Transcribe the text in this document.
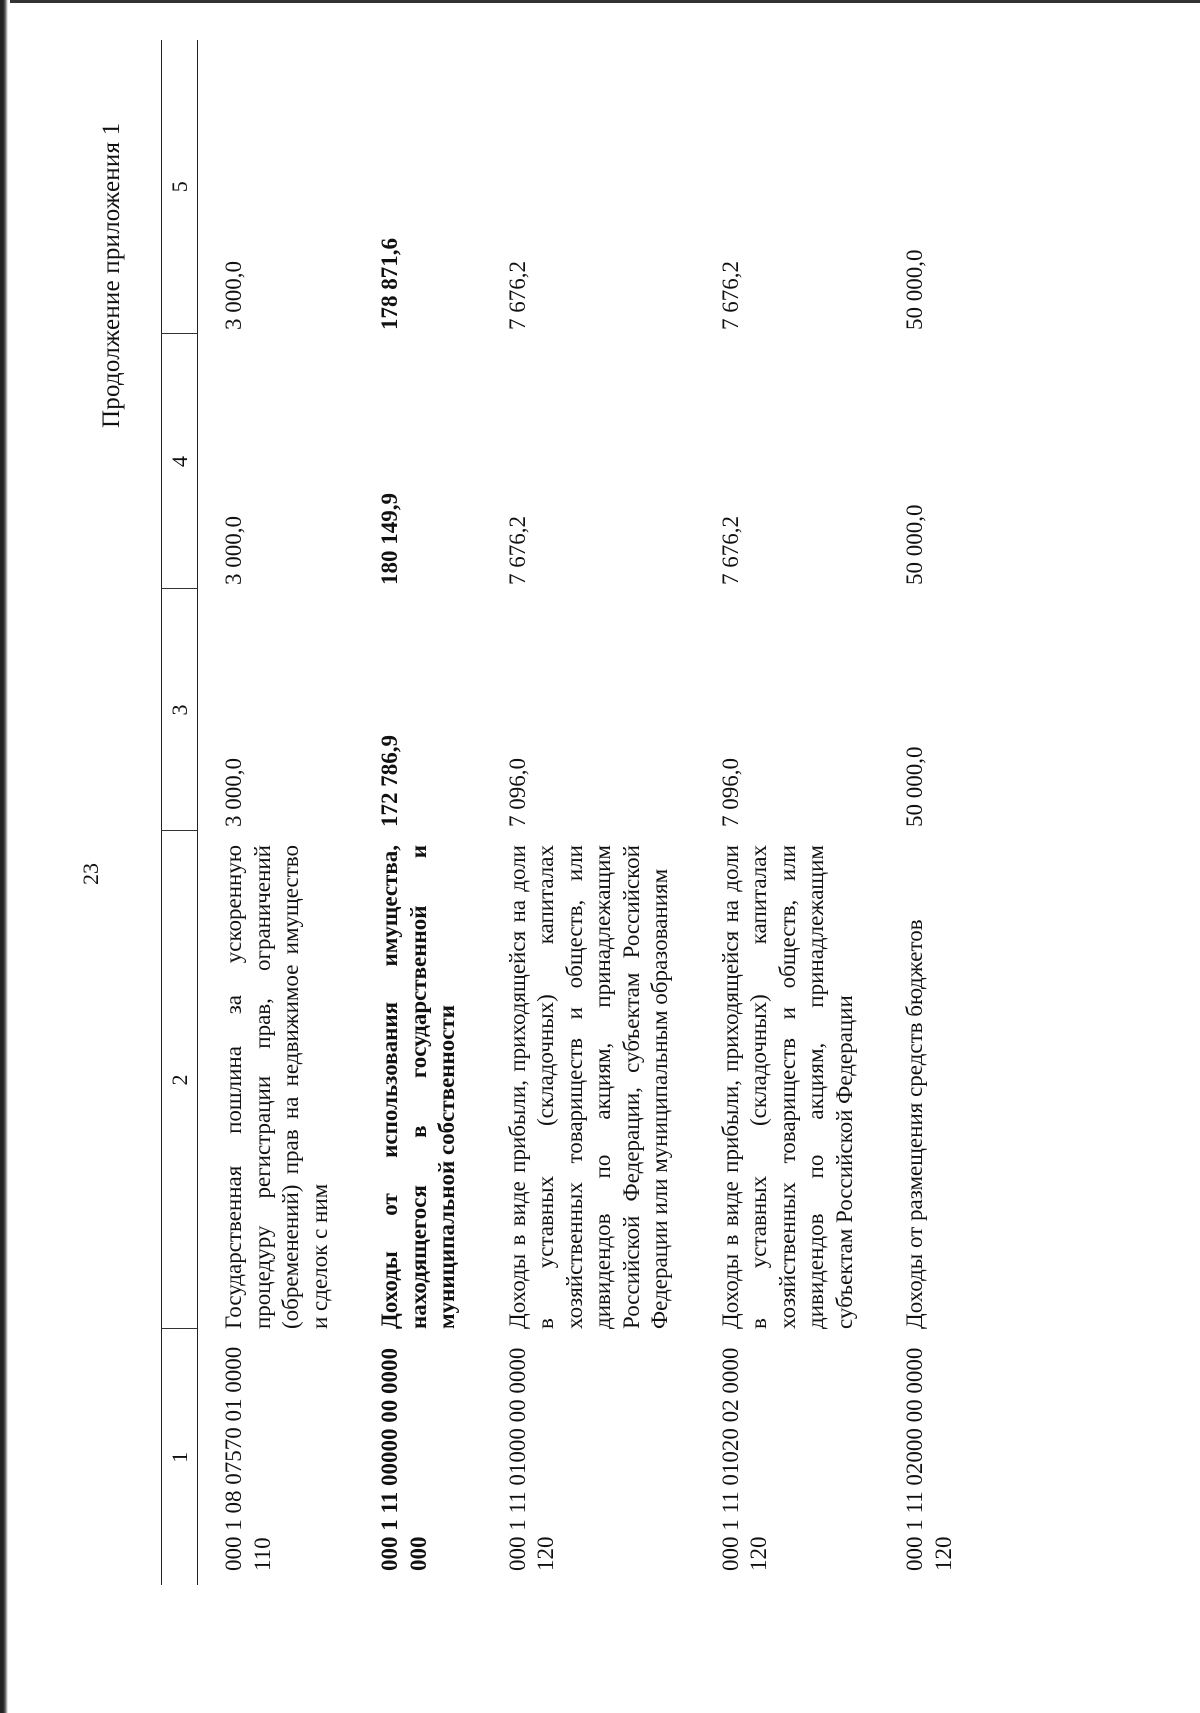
23
Продолжение приложения 1
1	2	3	4	5
000 1 08 07570 01 0000 110	Государственная пошлина за ускоренную процедуру регистрации прав, ограничений (обременений) прав на недвижимое имущество и сделок с ним	3 000,0	3 000,0	3 000,0
000 1 11 00000 00 0000 000	Доходы от использования имущества, находящегося в государственной и муниципальной собственности	172 786,9	180 149,9	178 871,6
000 1 11 01000 00 0000 120	Доходы в виде прибыли, приходящейся на доли в уставных (складочных) капиталах хозяйственных товариществ и обществ, или дивидендов по акциям, принадлежащим Российской Федерации, субъектам Российской Федерации или муниципальным образованиям	7 096,0	7 676,2	7 676,2
000 1 11 01020 02 0000 120	Доходы в виде прибыли, приходящейся на доли в уставных (складочных) капиталах хозяйственных товариществ и обществ, или дивидендов по акциям, принадлежащим субъектам Российской Федерации	7 096,0	7 676,2	7 676,2
000 1 11 02000 00 0000 120	Доходы от размещения средств бюджетов	50 000,0	50 000,0	50 000,0
